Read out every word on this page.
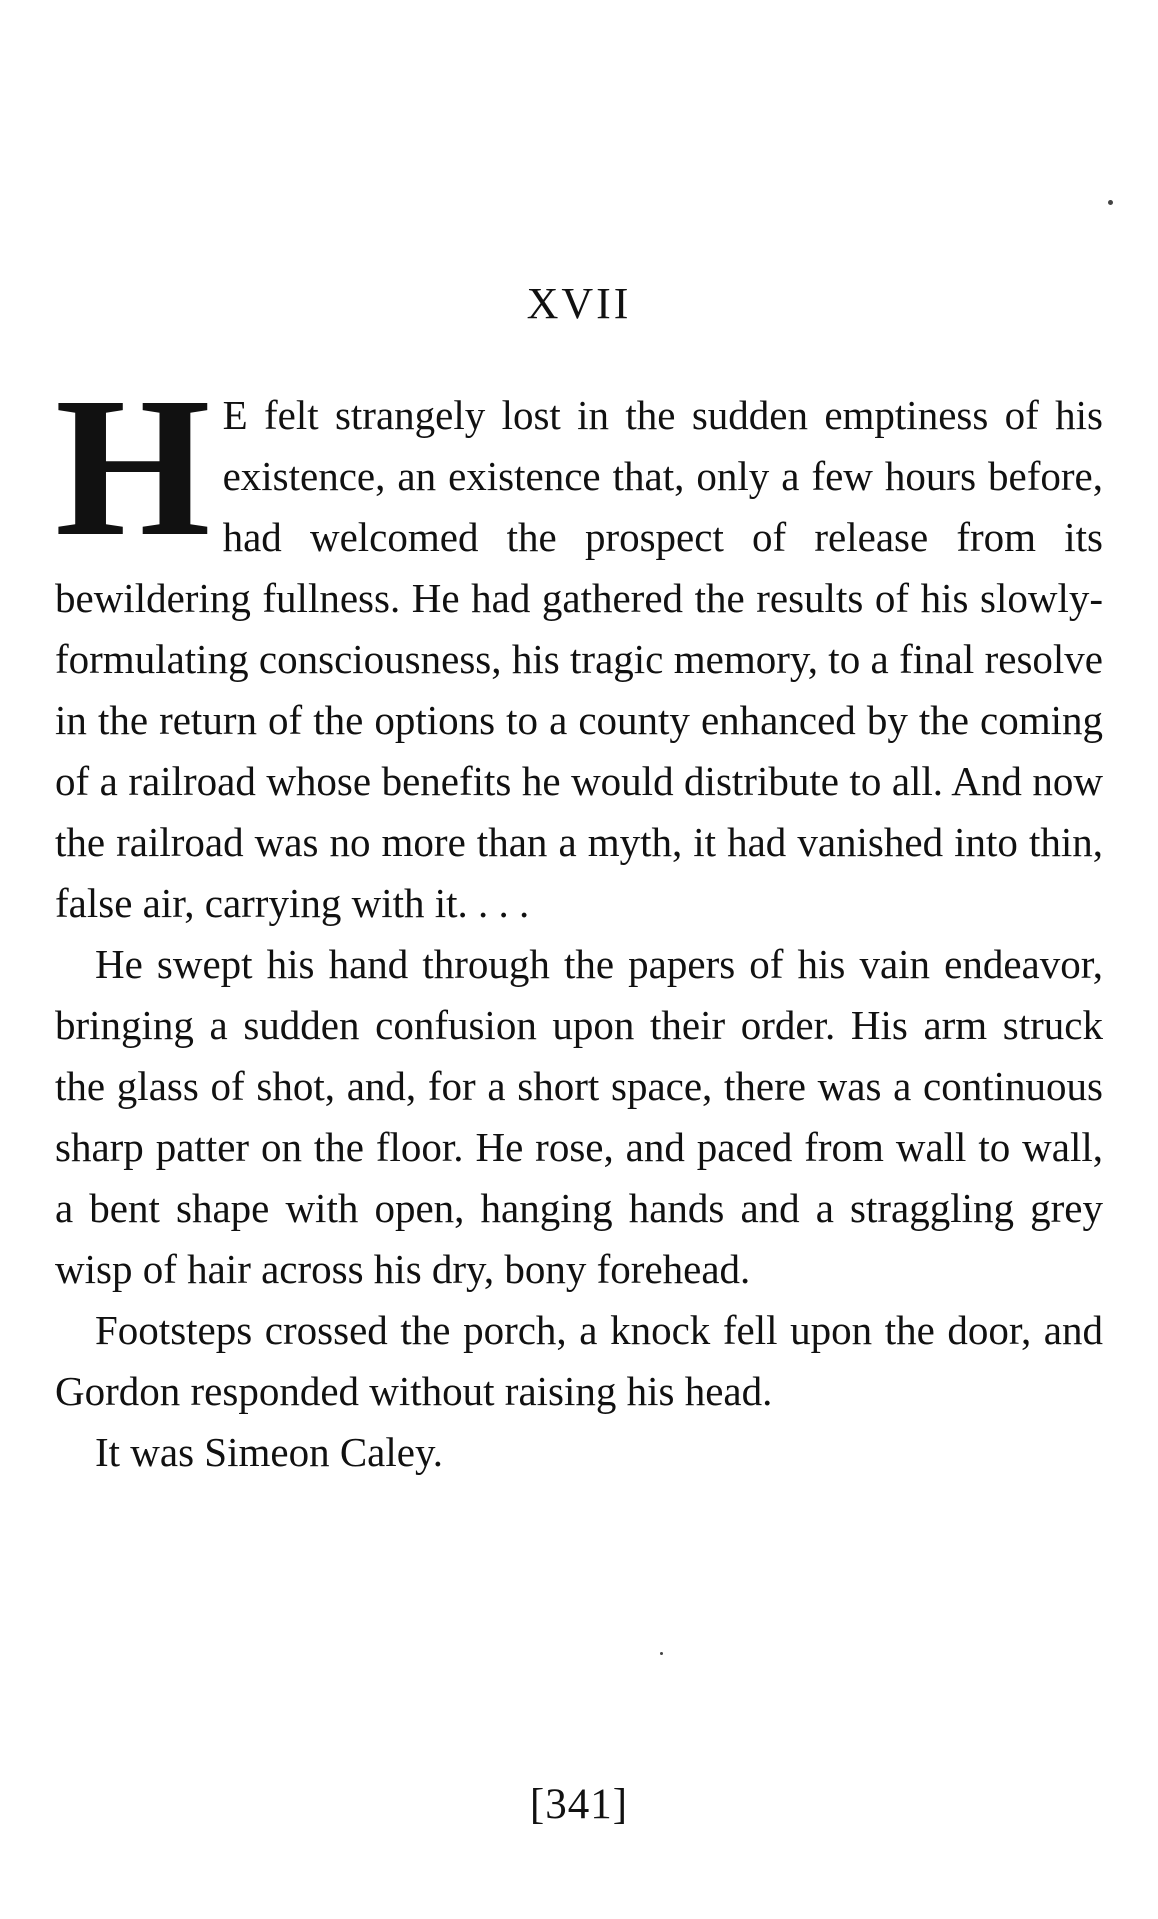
XVII

H E felt strangely lost in the sudden emptiness of his existence, an existence that, only a few hours before, had welcomed the prospect of release from its bewildering fullness. He had gathered the results of his slowly-formulating consciousness, his tragic memory, to a final resolve in the return of the options to a county enhanced by the coming of a railroad whose benefits he would distribute to all. And now the railroad was no more than a myth, it had vanished into thin, false air, carrying with it. . . .

He swept his hand through the papers of his vain endeavor, bringing a sudden confusion upon their order. His arm struck the glass of shot, and, for a short space, there was a continuous sharp patter on the floor. He rose, and paced from wall to wall, a bent shape with open, hanging hands and a straggling grey wisp of hair across his dry, bony forehead.

Footsteps crossed the porch, a knock fell upon the door, and Gordon responded without raising his head.

It was Simeon Caley.

[341]
